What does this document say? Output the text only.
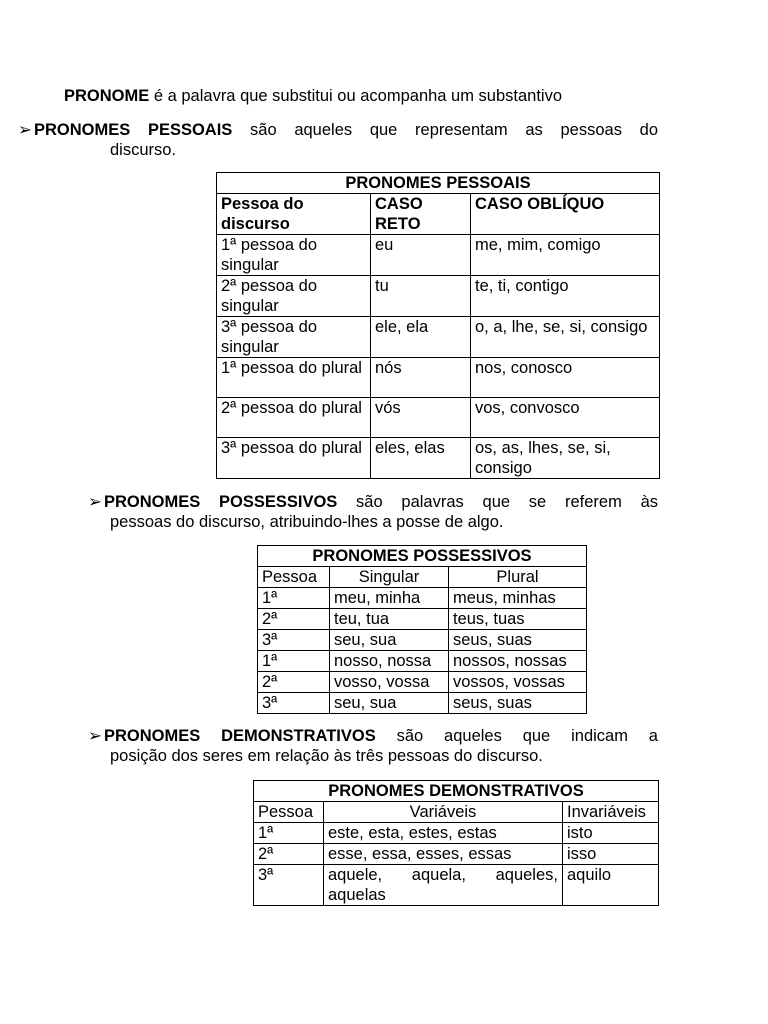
PRONOME é a palavra que substitui ou acompanha um substantivo
➢ PRONOMES PESSOAIS são aqueles que representam as pessoas do
discurso.
PRONOMES PESSOAIS		
Pessoa do discurso	CASO RETO	CASO OBLÍQUO
1ª pessoa do singular	eu	me, mim, comigo
2ª pessoa do singular	tu	te, ti, contigo
3ª pessoa do singular	ele, ela	o, a, lhe, se, si, consigo
1ª pessoa do plural	nós	nos, conosco
2ª pessoa do plural	vós	vos, convosco
3ª pessoa do plural	eles, elas	os, as, lhes, se, si, consigo
➢ PRONOMES POSSESSIVOS são palavras que se referem às
pessoas do discurso, atribuindo-lhes a posse de algo.
PRONOMES POSSESSIVOS		
Pessoa	Singular	Plural
1ª	meu, minha	meus, minhas
2ª	teu, tua	teus, tuas
3ª	seu, sua	seus, suas
1ª	nosso, nossa	nossos, nossas
2ª	vosso, vossa	vossos, vossas
3ª	seu, sua	seus, suas
➢ PRONOMES DEMONSTRATIVOS são aqueles que indicam a
posição dos seres em relação às três pessoas do discurso.
PRONOMES DEMONSTRATIVOS		
Pessoa	Variáveis	Invariáveis
1ª	este, esta, estes, estas	isto
2ª	esse, essa, esses, essas	isso
3ª	aquele, aquela, aqueles, aquelas	aquilo
